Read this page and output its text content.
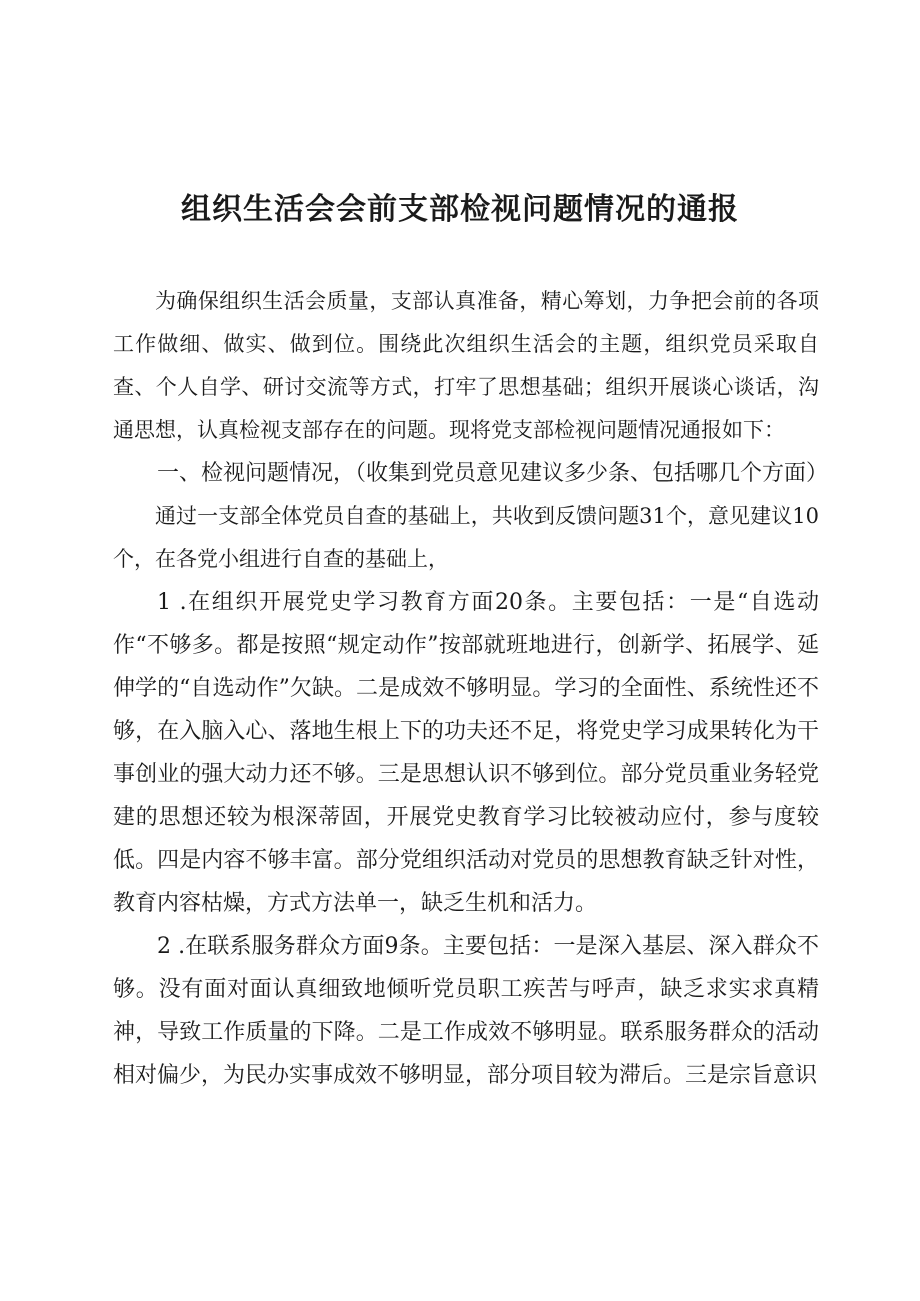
组织生活会会前支部检视问题情况的通报

为确保组织生活会质量，支部认真准备，精心筹划，力争把会前的各项工作做细、做实、做到位。围绕此次组织生活会的主题，组织党员采取自查、个人自学、研讨交流等方式，打牢了思想基础；组织开展谈心谈话，沟通思想，认真检视支部存在的问题。现将党支部检视问题情况通报如下：

一、检视问题情况，（收集到党员意见建议多少条、包括哪几个方面）

通过一支部全体党员自查的基础上，共收到反馈问题31个，意见建议10个，在各党小组进行自查的基础上，

1 .在组织开展党史学习教育方面20条。主要包括：一是“自选动作“不够多。都是按照“规定动作”按部就班地进行，创新学、拓展学、延伸学的“自选动作”欠缺。二是成效不够明显。学习的全面性、系统性还不够，在入脑入心、落地生根上下的功夫还不足，将党史学习成果转化为干事创业的强大动力还不够。三是思想认识不够到位。部分党员重业务轻党建的思想还较为根深蒂固，开展党史教育学习比较被动应付，参与度较低。四是内容不够丰富。部分党组织活动对党员的思想教育缺乏针对性，教育内容枯燥，方式方法单一，缺乏生机和活力。

2 .在联系服务群众方面9条。主要包括：一是深入基层、深入群众不够。没有面对面认真细致地倾听党员职工疾苦与呼声，缺乏求实求真精神，导致工作质量的下降。二是工作成效不够明显。联系服务群众的活动相对偏少，为民办实事成效不够明显，部分项目较为滞后。三是宗旨意识
